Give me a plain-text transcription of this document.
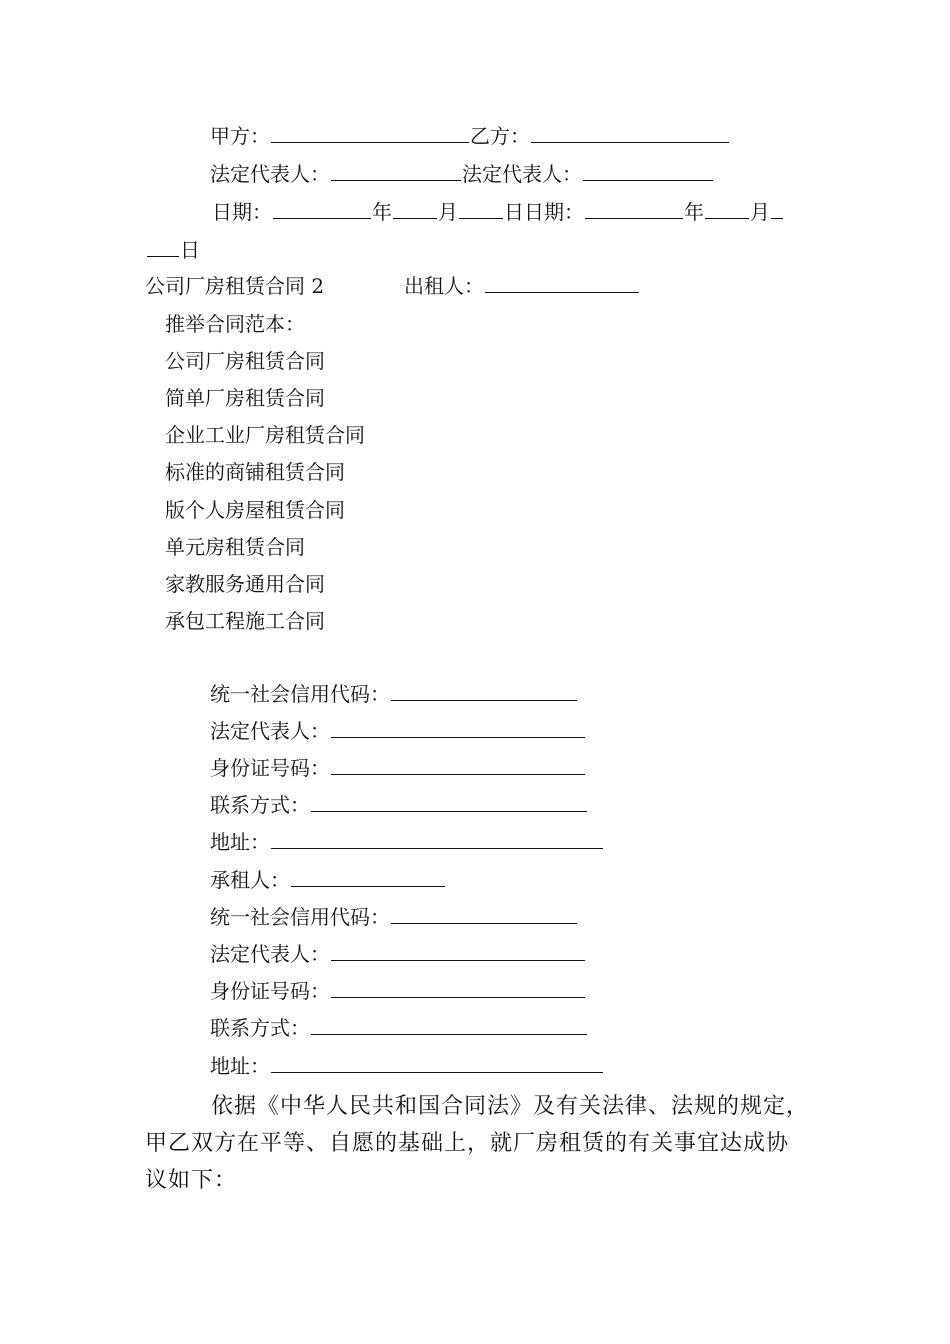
甲方：	乙方：
法定代表人：	法定代表人：
日期：	年 月 日日期：	年 月
日
公司厂房租赁合同 2	出租人：
推举合同范本：
公司厂房租赁合同
简单厂房租赁合同
企业工业厂房租赁合同
标准的商铺租赁合同
版个人房屋租赁合同
单元房租赁合同
家教服务通用合同
承包工程施工合同
统一社会信用代码：
法定代表人：
身份证号码：
联系方式：
地址：
承租人：
统一社会信用代码：
法定代表人：
身份证号码：
联系方式：
地址：
依据《中华人民共和国合同法》及有关法律、法规的规定，甲乙双方在平等、自愿的基础上，就厂房租赁的有关事宜达成协议如下：
